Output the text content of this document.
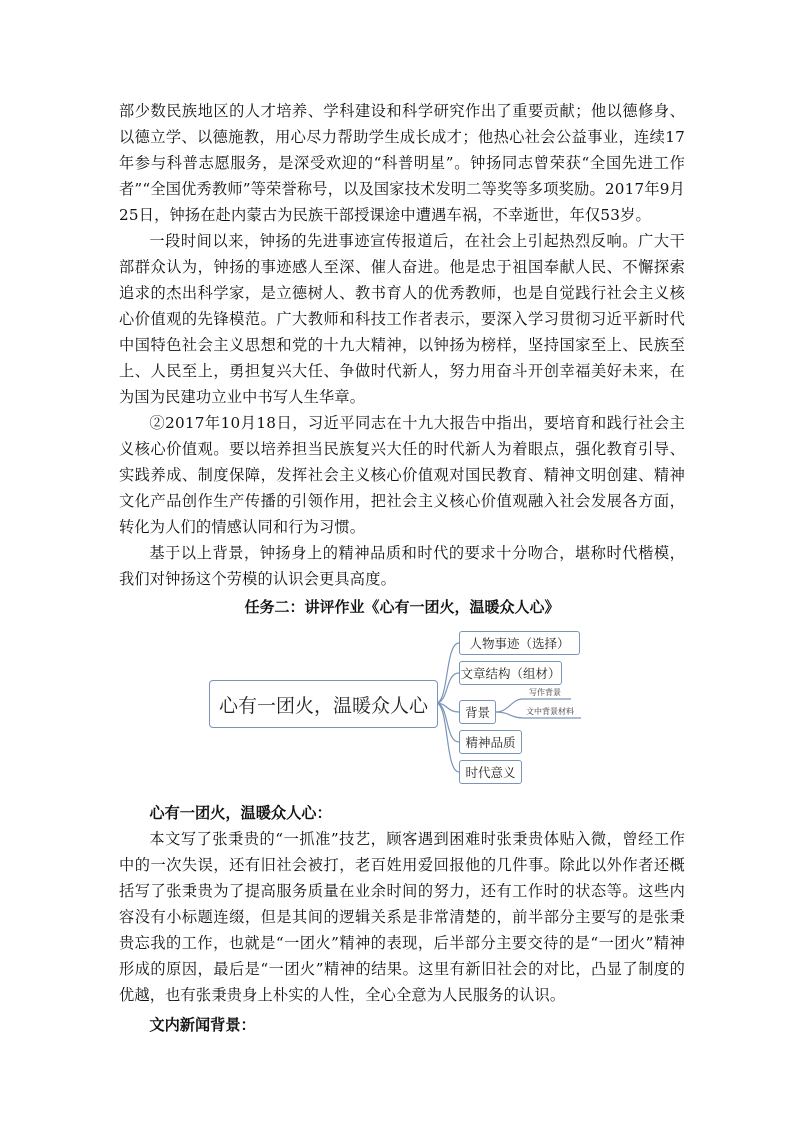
部少数民族地区的人才培养、学科建设和科学研究作出了重要贡献；他以德修身、以德立学、以德施教，用心尽力帮助学生成长成才；他热心社会公益事业，连续17年参与科普志愿服务，是深受欢迎的“科普明星”。钟扬同志曾荣获“全国先进工作者”“全国优秀教师”等荣誉称号，以及国家技术发明二等奖等多项奖励。2017年9月25日，钟扬在赴内蒙古为民族干部授课途中遭遇车祸，不幸逝世，年仅53岁。

一段时间以来，钟扬的先进事迹宣传报道后，在社会上引起热烈反响。广大干部群众认为，钟扬的事迹感人至深、催人奋进。他是忠于祖国奉献人民、不懈探索追求的杰出科学家，是立德树人、教书育人的优秀教师，也是自觉践行社会主义核心价值观的先锋模范。广大教师和科技工作者表示，要深入学习贯彻习近平新时代中国特色社会主义思想和党的十九大精神，以钟扬为榜样，坚持国家至上、民族至上、人民至上，勇担复兴大任、争做时代新人，努力用奋斗开创幸福美好未来，在为国为民建功立业中书写人生华章。

②2017年10月18日，习近平同志在十九大报告中指出，要培育和践行社会主义核心价值观。要以培养担当民族复兴大任的时代新人为着眼点，强化教育引导、实践养成、制度保障，发挥社会主义核心价值观对国民教育、精神文明创建、精神文化产品创作生产传播的引领作用，把社会主义核心价值观融入社会发展各方面，转化为人们的情感认同和行为习惯。

基于以上背景，钟扬身上的精神品质和时代的要求十分吻合，堪称时代楷模，我们对钟扬这个劳模的认识会更具高度。

任务二：讲评作业《心有一团火，温暖众人心》
心有一团火，温暖众人心
人物事迹（选择）
文章结构（组材）
背景
精神品质
时代意义
写作背景
文中背景材料
心有一团火，温暖众人心：

本文写了张秉贵的“一抓准”技艺，顾客遇到困难时张秉贵体贴入微，曾经工作中的一次失误，还有旧社会被打，老百姓用爱回报他的几件事。除此以外作者还概括写了张秉贵为了提高服务质量在业余时间的努力，还有工作时的状态等。这些内容没有小标题连缀，但是其间的逻辑关系是非常清楚的，前半部分主要写的是张秉贵忘我的工作，也就是“一团火”精神的表现，后半部分主要交待的是“一团火”精神形成的原因，最后是“一团火”精神的结果。这里有新旧社会的对比，凸显了制度的优越，也有张秉贵身上朴实的人性，全心全意为人民服务的认识。

文内新闻背景：
